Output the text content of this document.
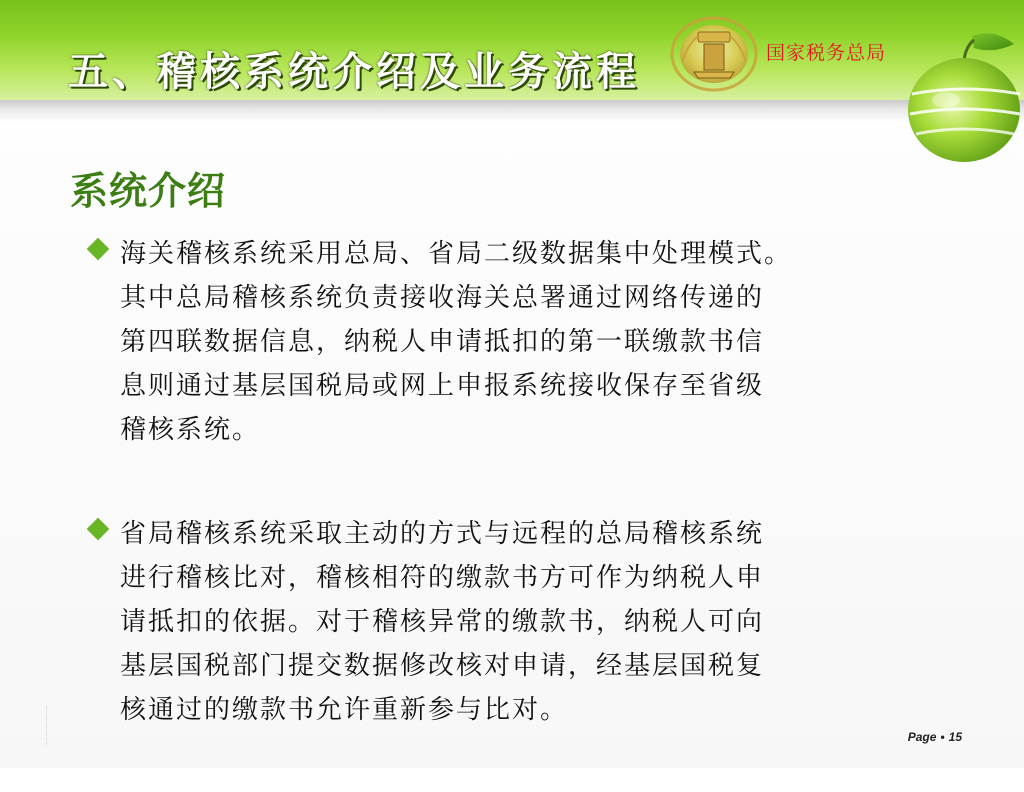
五、稽核系统介绍及业务流程	国家税务总局
系统介绍

海关稽核系统采用总局、省局二级数据集中处理模式。
其中总局稽核系统负责接收海关总署通过网络传递的
第四联数据信息，纳税人申请抵扣的第一联缴款书信
息则通过基层国税局或网上申报系统接收保存至省级
稽核系统。

省局稽核系统采取主动的方式与远程的总局稽核系统
进行稽核比对，稽核相符的缴款书方可作为纳税人申
请抵扣的依据。对于稽核异常的缴款书，纳税人可向
基层国税部门提交数据修改核对申请，经基层国税复
核通过的缴款书允许重新参与比对。

Page • 15
